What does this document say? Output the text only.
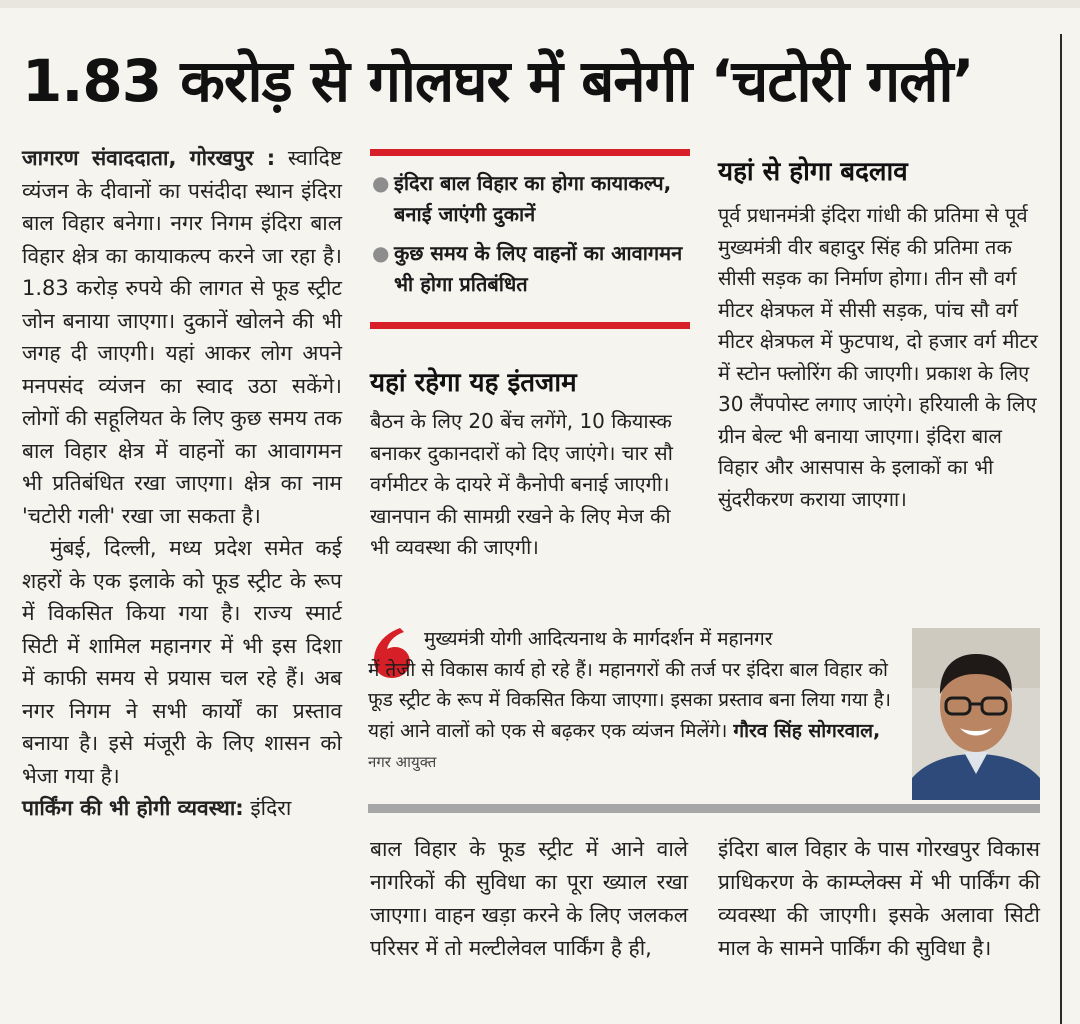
1.83 करोड़ से गोलघर में बनेगी ‘चटोरी गली’

जागरण संवाददाता, गोरखपुर : स्वादिष्ट व्यंजन के दीवानों का पसंदीदा स्थान इंदिरा बाल विहार बनेगा। नगर निगम इंदिरा बाल विहार क्षेत्र का कायाकल्प करने जा रहा है। 1.83 करोड़ रुपये की लागत से फूड स्ट्रीट जोन बनाया जाएगा। दुकानें खोलने की भी जगह दी जाएगी। यहां आकर लोग अपने मनपसंद व्यंजन का स्वाद उठा सकेंगे। लोगों की सहूलियत के लिए कुछ समय तक बाल विहार क्षेत्र में वाहनों का आवागमन भी प्रतिबंधित रखा जाएगा। क्षेत्र का नाम 'चटोरी गली' रखा जा सकता है।

मुंबई, दिल्ली, मध्य प्रदेश समेत कई शहरों के एक इलाके को फूड स्ट्रीट के रूप में विकसित किया गया है। राज्य स्मार्ट सिटी में शामिल महानगर में भी इस दिशा में काफी समय से प्रयास चल रहे हैं। अब नगर निगम ने सभी कार्यों का प्रस्ताव बनाया है। इसे मंजूरी के लिए शासन को भेजा गया है।

पार्किंग की भी होगी व्यवस्था: इंदिरा

● इंदिरा बाल विहार का होगा कायाकल्प, बनाई जाएंगी दुकानें
● कुछ समय के लिए वाहनों का आवागमन भी होगा प्रतिबंधित
यहां रहेगा यह इंतजाम

बैठन के लिए 20 बेंच लगेंगे, 10 कियास्क बनाकर दुकानदारों को दिए जाएंगे। चार सौ वर्गमीटर के दायरे में कैनोपी बनाई जाएगी। खानपान की सामग्री रखने के लिए मेज की भी व्यवस्था की जाएगी।

यहां से होगा बदलाव

पूर्व प्रधानमंत्री इंदिरा गांधी की प्रतिमा से पूर्व मुख्यमंत्री वीर बहादुर सिंह की प्रतिमा तक सीसी सड़क का निर्माण होगा। तीन सौ वर्ग मीटर क्षेत्रफल में सीसी सड़क, पांच सौ वर्ग मीटर क्षेत्रफल में फुटपाथ, दो हजार वर्ग मीटर में स्टोन फ्लोरिंग की जाएगी। प्रकाश के लिए 30 लैंपपोस्ट लगाए जाएंगे। हरियाली के लिए ग्रीन बेल्ट भी बनाया जाएगा। इंदिरा बाल विहार और आसपास के इलाकों का भी सुंदरीकरण कराया जाएगा।

मुख्यमंत्री योगी आदित्यनाथ के मार्गदर्शन में महानगर
में तेजी से विकास कार्य हो रहे हैं। महानगरों की तर्ज पर इंदिरा बाल विहार को फूड स्ट्रीट के रूप में विकसित किया जाएगा। इसका प्रस्ताव बना लिया गया है। यहां आने वालों को एक से बढ़कर एक व्यंजन मिलेंगे। गौरव सिंह सोगरवाल, नगर आयुक्त

बाल विहार के फूड स्ट्रीट में आने वाले नागरिकों की सुविधा का पूरा ख्याल रखा जाएगा। वाहन खड़ा करने के लिए जलकल परिसर में तो मल्टीलेवल पार्किंग है ही,

इंदिरा बाल विहार के पास गोरखपुर विकास प्राधिकरण के काम्प्लेक्स में भी पार्किंग की व्यवस्था की जाएगी। इसके अलावा सिटी माल के सामने पार्किंग की सुविधा है।
